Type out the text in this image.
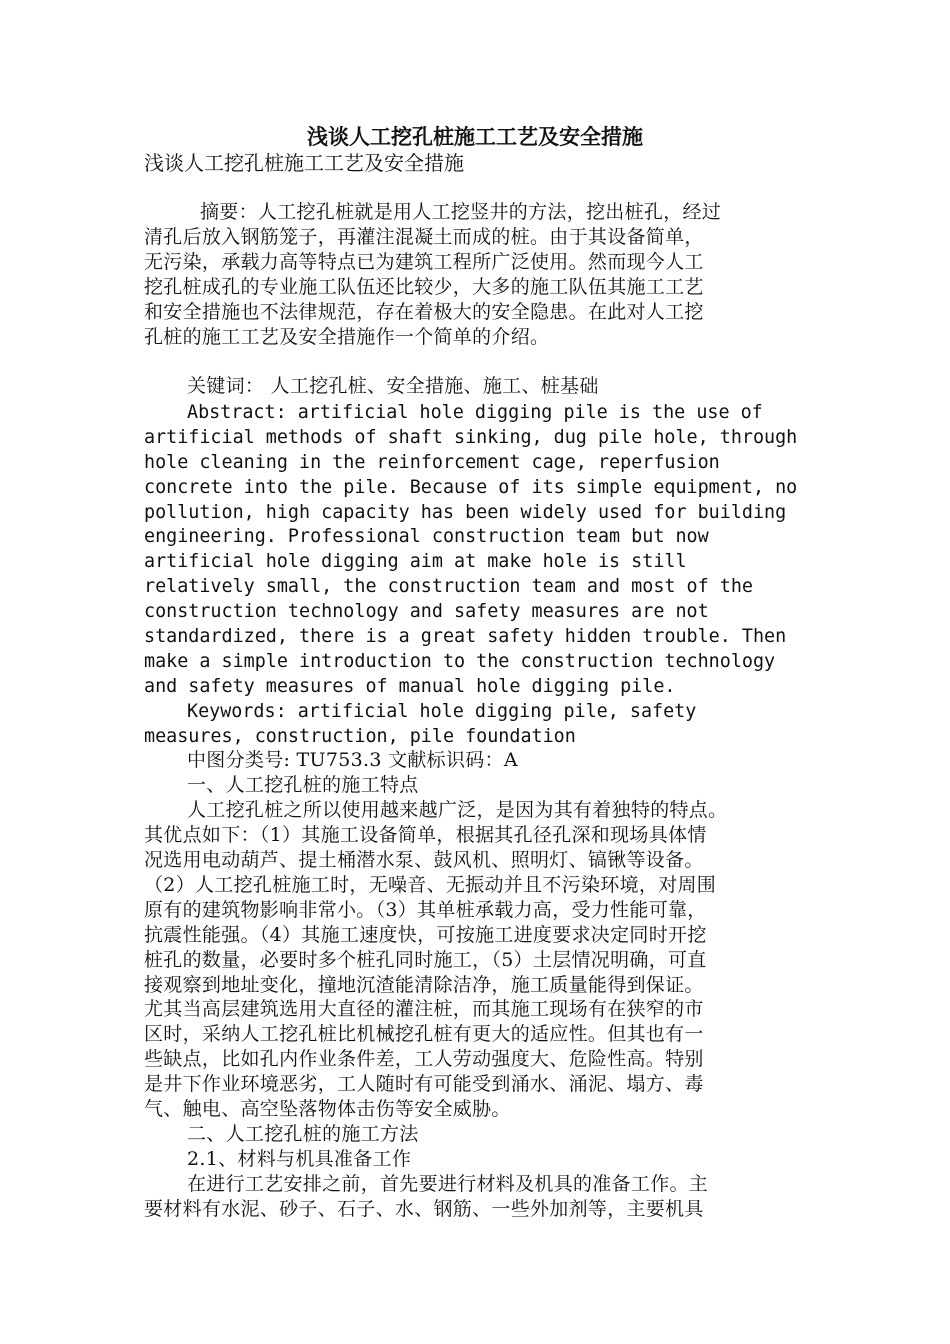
浅谈人工挖孔桩施工工艺及安全措施
浅谈人工挖孔桩施工工艺及安全措施
摘要：人工挖孔桩就是用人工挖竖井的方法，挖出桩孔，经过
清孔后放入钢筋笼子，再灌注混凝土而成的桩。由于其设备简单，
无污染，承载力高等特点已为建筑工程所广泛使用。然而现今人工
挖孔桩成孔的专业施工队伍还比较少，大多的施工队伍其施工工艺
和安全措施也不法律规范，存在着极大的安全隐患。在此对人工挖
孔桩的施工工艺及安全措施作一个简单的介绍。
关键词： 人工挖孔桩、安全措施、施工、桩基础
Abstract: artificial hole digging pile is the use of
artificial methods of shaft sinking, dug pile hole, through
hole cleaning in the reinforcement cage, reperfusion
concrete into the pile. Because of its simple equipment, no
pollution, high capacity has been widely used for building
engineering. Professional construction team but now
artificial hole digging aim at make hole is still
relatively small, the construction team and most of the
construction technology and safety measures are not
standardized, there is a great safety hidden trouble. Then
make a simple introduction to the construction technology
and safety measures of manual hole digging pile.
Keywords: artificial hole digging pile, safety
measures, construction, pile foundation
中图分类号: TU753.3 文献标识码：A
一、人工挖孔桩的施工特点
人工挖孔桩之所以使用越来越广泛，是因为其有着独特的特点。
其优点如下：（1）其施工设备简单，根据其孔径孔深和现场具体情
况选用电动葫芦、提土桶潜水泵、鼓风机、照明灯、镐锹等设备。
（2）人工挖孔桩施工时，无噪音、无振动并且不污染环境，对周围
原有的建筑物影响非常小。（3）其单桩承载力高，受力性能可靠，
抗震性能强。（4）其施工速度快，可按施工进度要求决定同时开挖
桩孔的数量，必要时多个桩孔同时施工，（5）土层情况明确，可直
接观察到地址变化，撞地沉渣能清除洁净，施工质量能得到保证。
尤其当高层建筑选用大直径的灌注桩，而其施工现场有在狭窄的市
区时，采纳人工挖孔桩比机械挖孔桩有更大的适应性。但其也有一
些缺点，比如孔内作业条件差，工人劳动强度大、危险性高。特别
是井下作业环境恶劣，工人随时有可能受到涌水、涌泥、塌方、毒
气、触电、高空坠落物体击伤等安全威胁。
二、人工挖孔桩的施工方法
2.1、材料与机具准备工作
在进行工艺安排之前，首先要进行材料及机具的准备工作。主
要材料有水泥、砂子、石子、水、钢筋、一些外加剂等，主要机具
